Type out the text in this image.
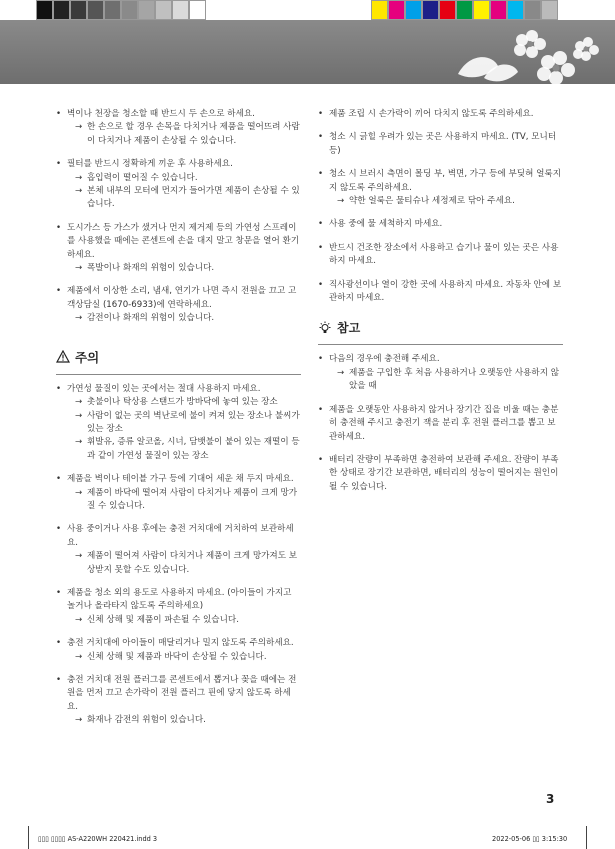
• 벽이나 천장을 청소할 때 반드시 두 손으로 하세요.
→ 한 손으로 할 경우 손목을 다치거나 제품을 떨어뜨려 사람이 다치거나 제품이 손상될 수 있습니다.
• 필터를 반드시 정확하게 끼운 후 사용하세요.
→ 흡입력이 떨어질 수 있습니다.
→ 본체 내부의 모터에 먼지가 들어가면 제품이 손상될 수 있습니다.
• 도시가스 등 가스가 샜거나 먼지 제거제 등의 가연성 스프레이를 사용했을 때에는 콘센트에 손을 대지 말고 창문을 열어 환기하세요.
→ 폭발이나 화재의 위험이 있습니다.
• 제품에서 이상한 소리, 냄새, 연기가 나면 즉시 전원을 끄고 고객상담실 (1670-6933)에 연락하세요.
→ 감전이나 화재의 위험이 있습니다.
주의
• 가연성 물질이 있는 곳에서는 절대 사용하지 마세요.
→ 촛불이나 탁상용 스탠드가 방바닥에 놓여 있는 장소
→ 사람이 없는 곳의 벽난로에 불이 켜져 있는 장소나 불씨가 있는 장소
→ 휘발유, 증류 알코올, 시너, 담뱃불이 붙어 있는 재떨이 등과 같이 가연성 물질이 있는 장소
• 제품을 벽이나 테이블 가구 등에 기대어 세운 채 두지 마세요.
→ 제품이 바닥에 떨어져 사람이 다치거나 제품이 크게 망가질 수 있습니다.
• 사용 중이거나 사용 후에는 충전 거치대에 거치하여 보관하세요.
→ 제품이 떨어져 사람이 다치거나 제품이 크게 망가져도 보상받지 못할 수도 있습니다.
• 제품을 청소 외의 용도로 사용하지 마세요. (아이들이 가지고 놀거나 올라타지 않도록 주의하세요)
→ 신체 상해 및 제품이 파손될 수 있습니다.
• 충전 거치대에 아이들이 매달리거나 밀지 않도록 주의하세요.
→ 신체 상해 및 제품과 바닥이 손상될 수 있습니다.
• 충전 거치대 전원 플러그를 콘센트에서 뽑거나 꽂을 때에는 전원을 먼저 끄고 손가락이 전원 플러그 핀에 닿지 않도록 하세요.
→ 화재나 감전의 위험이 있습니다.
• 제품 조립 시 손가락이 끼어 다치지 않도록 주의하세요.
• 청소 시 긁힐 우려가 있는 곳은 사용하지 마세요. (TV, 모니터 등)
• 청소 시 브러시 측면이 몰딩 부, 벽면, 가구 등에 부딪혀 얼룩지지 않도록 주의하세요.
→ 약한 얼룩은 물티슈나 세정제로 닦아 주세요.
• 사용 중에 물 세척하지 마세요.
• 반드시 건조한 장소에서 사용하고 습기나 물이 있는 곳은 사용하지 마세요.
• 직사광선이나 열이 강한 곳에 사용하지 마세요. 자동차 안에 보관하지 마세요.
참고
• 다음의 경우에 충전해 주세요.
→ 제품을 구입한 후 처음 사용하거나 오랫동안 사용하지 않았을 때
• 제품을 오랫동안 사용하지 않거나 장기간 집을 비울 때는 충분히 충전해 주시고 충전기 잭을 분리 후 전원 플러그를 뽑고 보관하세요.
• 배터리 잔량이 부족하면 충전하여 보관해 주세요. 잔량이 부족한 상태로 장기간 보관하면, 배터리의 성능이 떨어지는 원인이 될 수 있습니다.
3
▯▯▯ ▯▯▯▯ AS-A220WH 220421.indd 3	2022-05-06 ▯▯ 3:15:30
